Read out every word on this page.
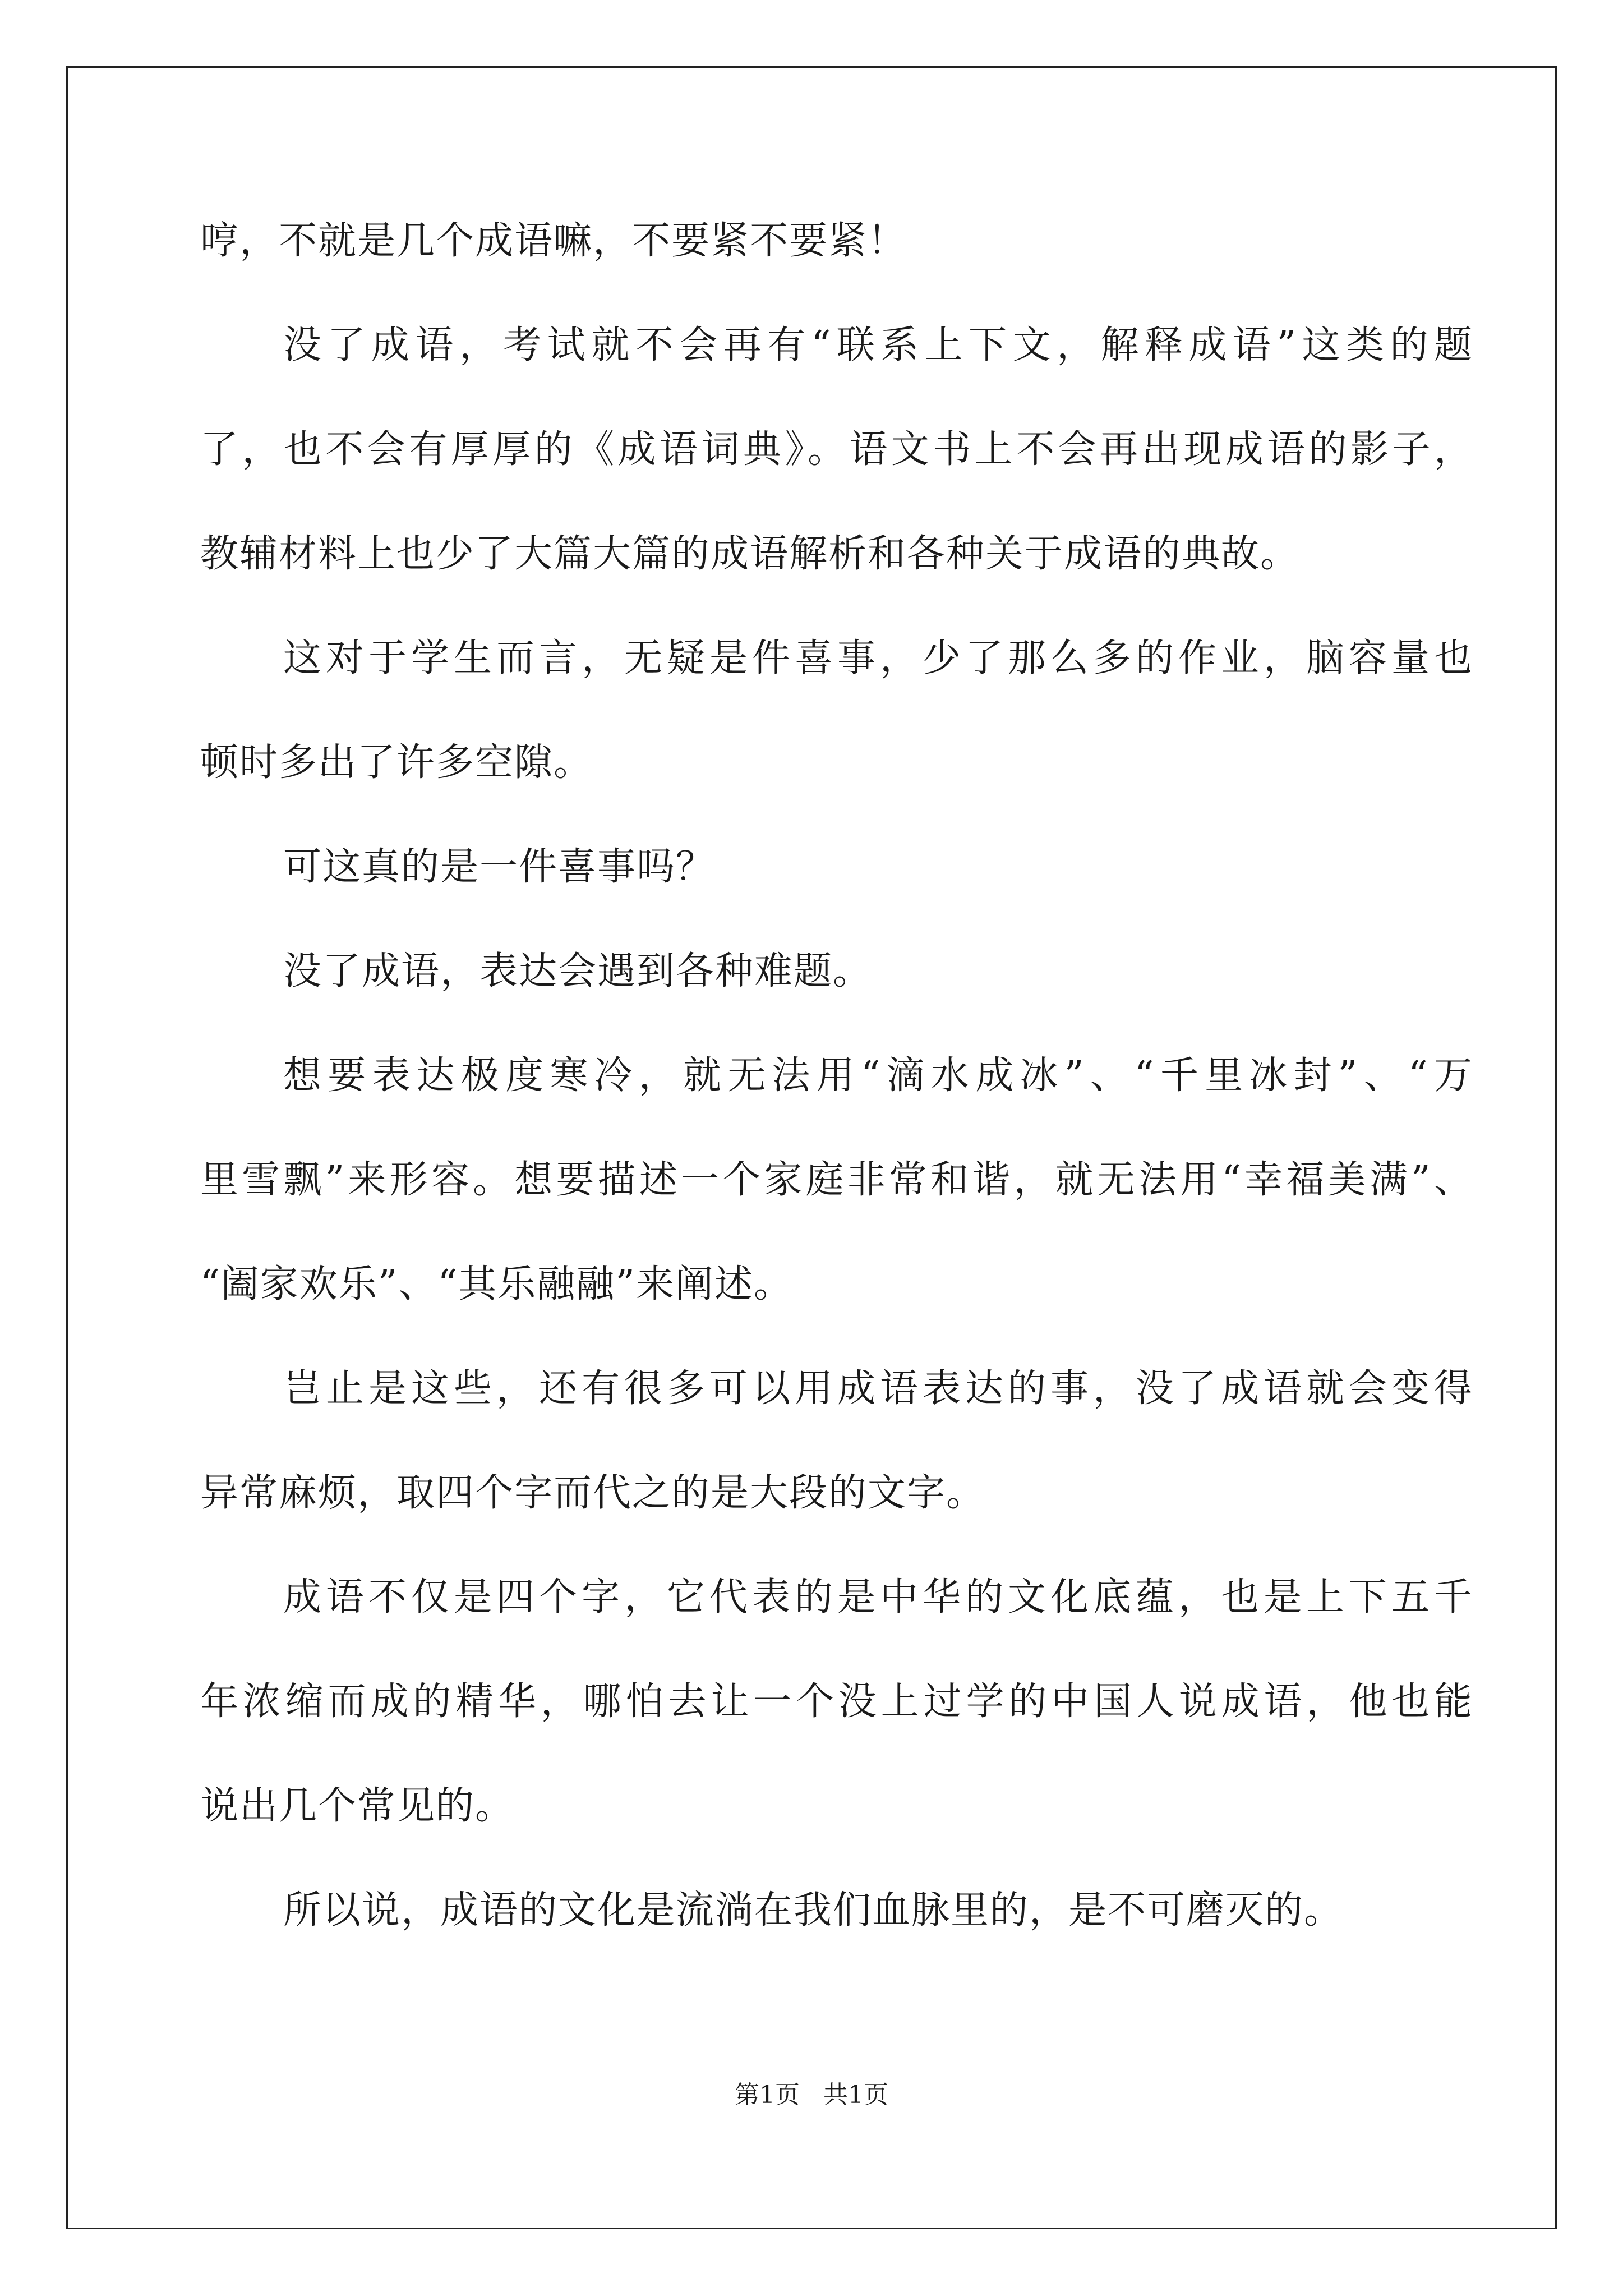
哼，不就是几个成语嘛，不要紧不要紧！
没了成语，考试就不会再有“联系上下文，解释成语”这类的题
了，也不会有厚厚的《成语词典》。语文书上不会再出现成语的影子，
教辅材料上也少了大篇大篇的成语解析和各种关于成语的典故。
这对于学生而言，无疑是件喜事，少了那么多的作业，脑容量也
顿时多出了许多空隙。
可这真的是一件喜事吗？
没了成语，表达会遇到各种难题。
想要表达极度寒冷，就无法用“滴水成冰”、“千里冰封”、“万
里雪飘”来形容。想要描述一个家庭非常和谐，就无法用“幸福美满”、
“阖家欢乐”、“其乐融融”来阐述。
岂止是这些，还有很多可以用成语表达的事，没了成语就会变得
异常麻烦，取四个字而代之的是大段的文字。
成语不仅是四个字，它代表的是中华的文化底蕴，也是上下五千
年浓缩而成的精华，哪怕去让一个没上过学的中国人说成语，他也能
说出几个常见的。
所以说，成语的文化是流淌在我们血脉里的，是不可磨灭的。
第1页 共1页
